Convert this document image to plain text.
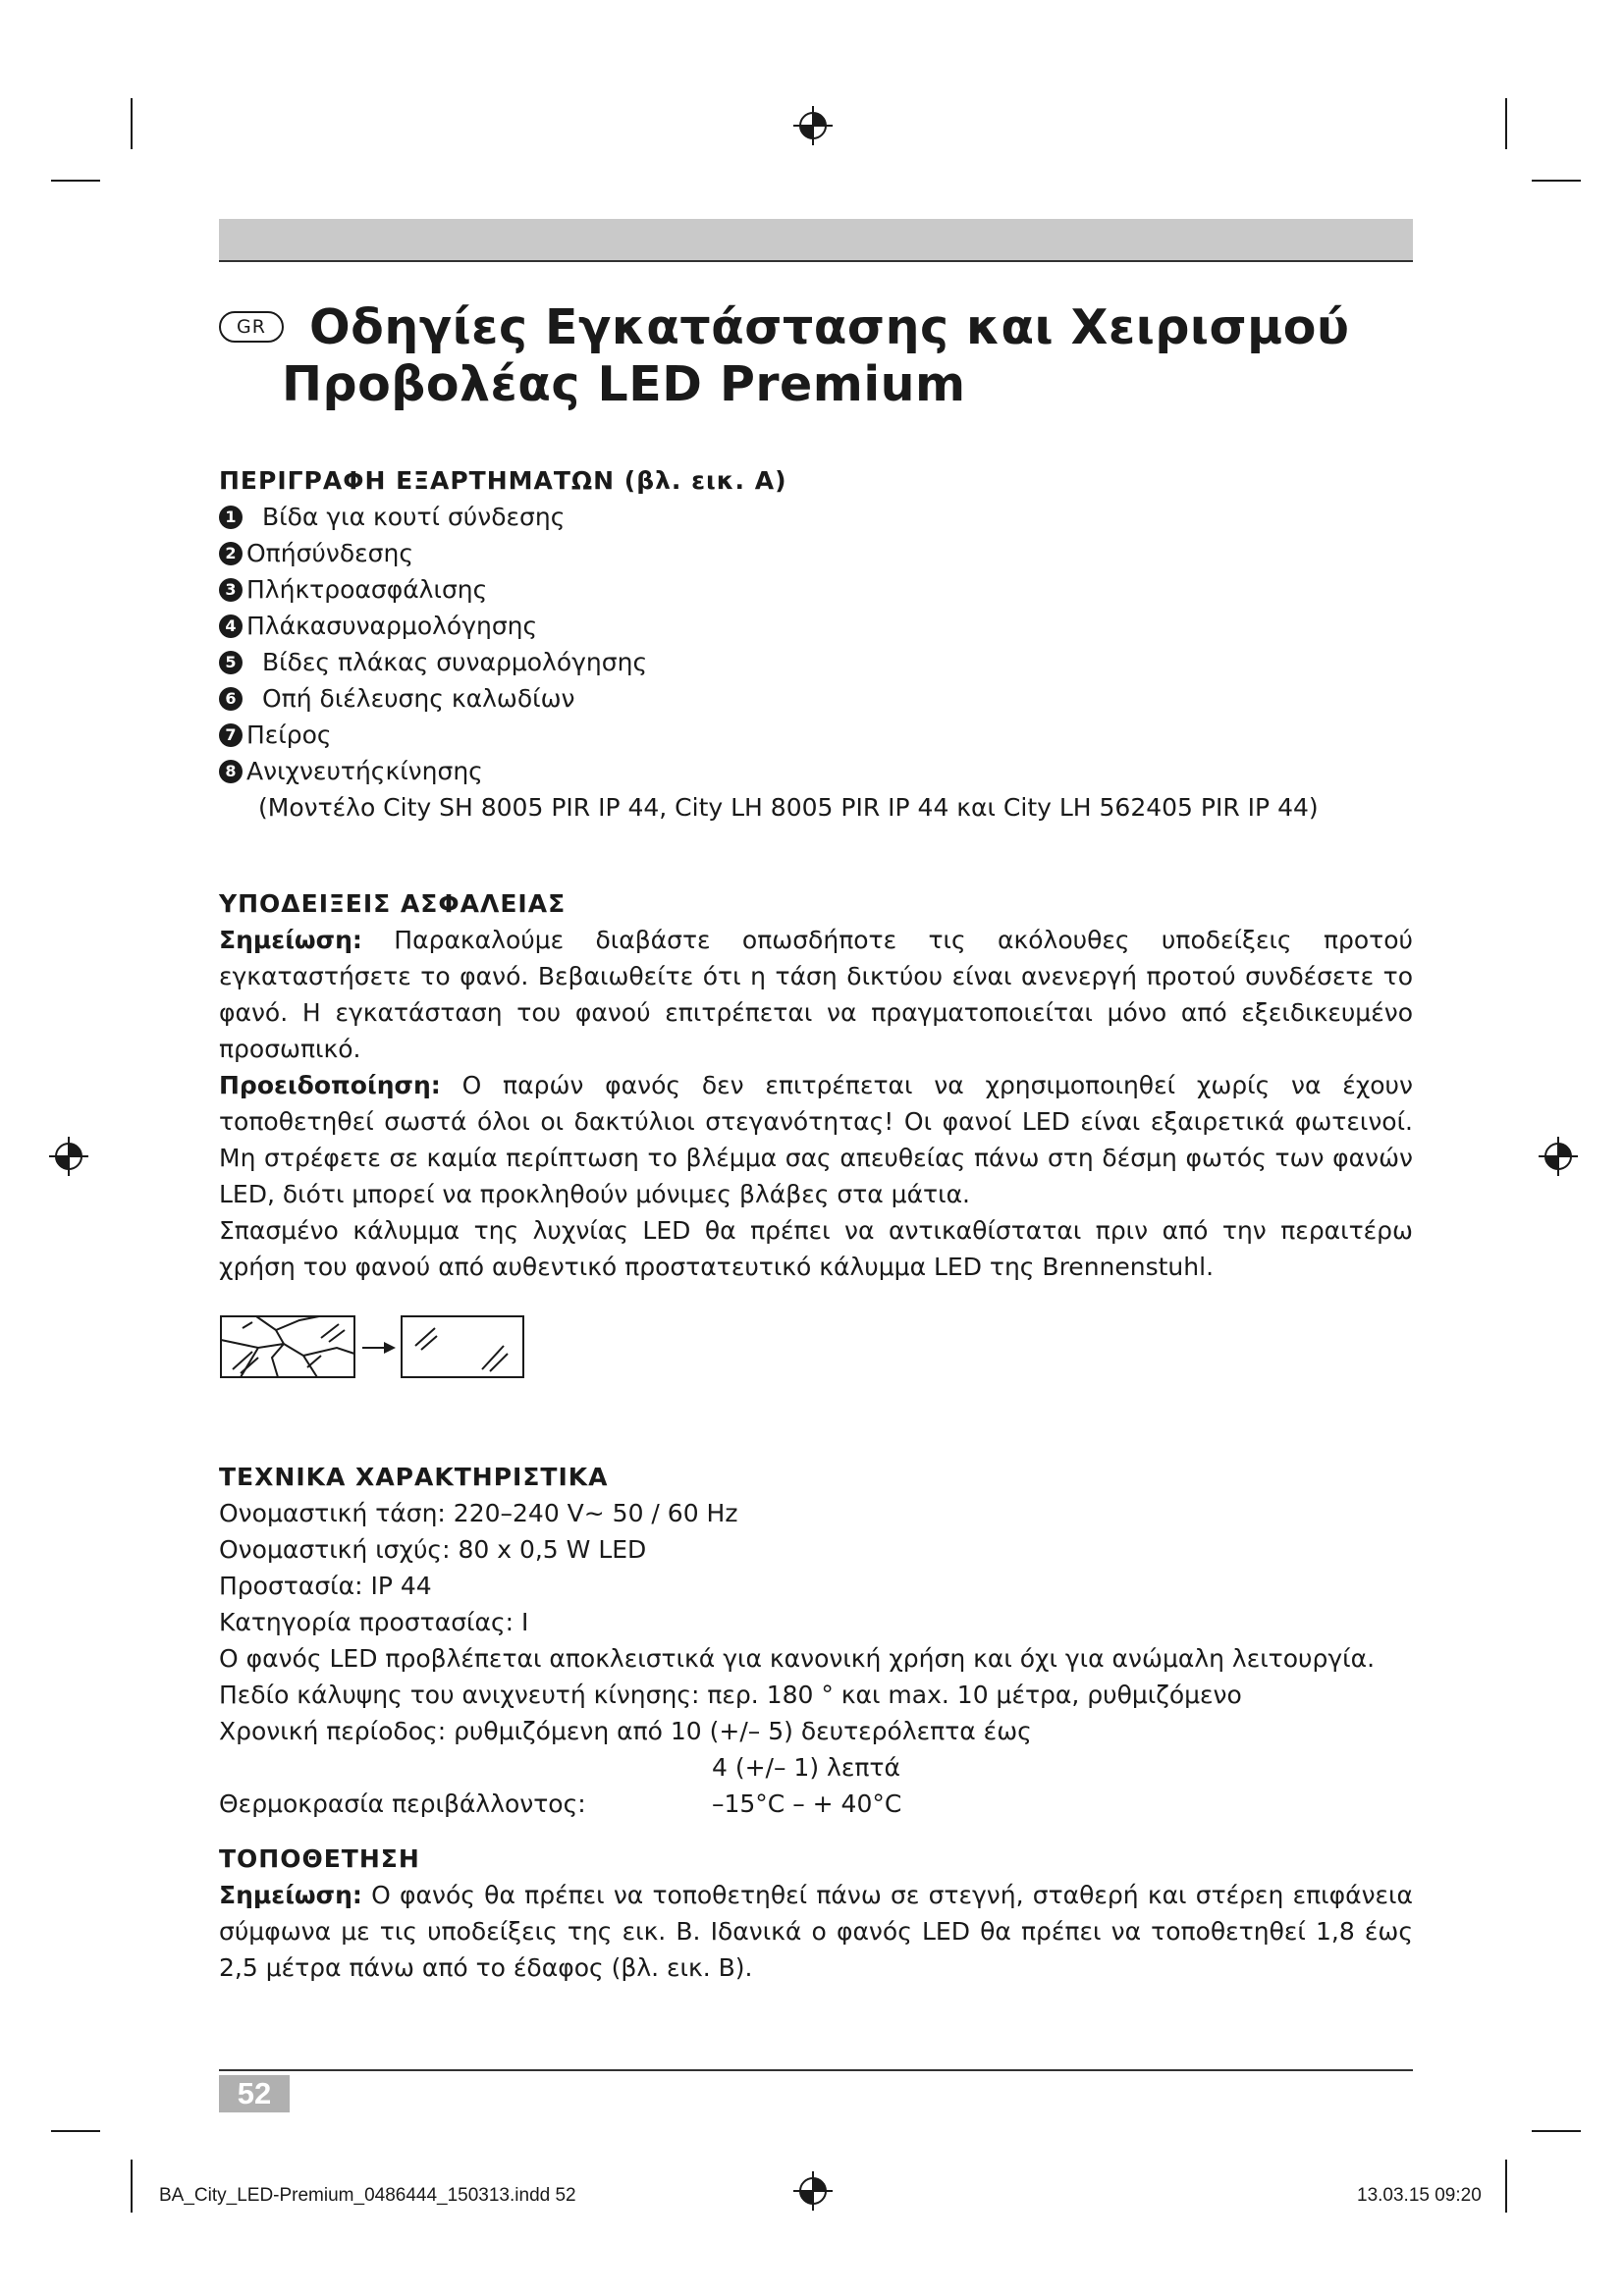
GR Οδηγίες Εγκατάστασης και Χειρισμού
Προβολέας LED Premium
ΠΕΡΙΓΡΑΦΗ ΕΞΑΡΤΗΜΑΤΩΝ (βλ. εικ. Α)
1 Βίδα για κουτί σύνδεσης
2 Οπήσύνδεσης
3 Πλήκτροασφάλισης
4 Πλάκασυναρμολόγησης
5 Βίδες πλάκας συναρμολόγησης
6 Οπή διέλευσης καλωδίων
7 Πείρος
8 Ανιχνευτήςκίνησης
(Μοντέλο City SH 8005 PIR IP 44, City LH 8005 PIR IP 44 και City LH 562405 PIR IP 44)
ΥΠΟΔΕΙΞΕΙΣ ΑΣΦΑΛΕΙΑΣ

Σημείωση: Παρακαλούμε διαβάστε οπωσδήποτε τις ακόλουθες υποδείξεις προτού εγκαταστήσετε το φανό. Βεβαιωθείτε ότι η τάση δικτύου είναι ανενεργή προτού συνδέσετε το φανό. Η εγκατάσταση του φανού επιτρέπεται να πραγματοποιείται μόνο από εξειδικευμένο προσωπικό.

Προειδοποίηση: Ο παρών φανός δεν επιτρέπεται να χρησιμοποιηθεί χωρίς να έχουν τοποθετηθεί σωστά όλοι οι δακτύλιοι στεγανότητας! Οι φανοί LED είναι εξαιρετικά φωτεινοί. Μη στρέφετε σε καμία περίπτωση το βλέμμα σας απευθείας πάνω στη δέσμη φωτός των φανών LED, διότι μπορεί να προκληθούν μόνιμες βλάβες στα μάτια.

Σπασμένο κάλυμμα της λυχνίας LED θα πρέπει να αντικαθίσταται πριν από την περαιτέρω χρήση του φανού από αυθεντικό προστατευτικό κάλυμμα LED της Brennenstuhl.

ΤΕΧΝΙΚΑ ΧΑΡΑΚΤΗΡΙΣΤΙΚΑ
Ονομαστική τάση: 220–240 V~ 50 / 60 Hz
Ονομαστική ισχύς: 80 x 0,5 W LED
Προστασία: IP 44
Κατηγορία προστασίας: I
Ο φανός LED προβλέπεται αποκλειστικά για κανονική χρήση και όχι για ανώμαλη λειτουργία.
Πεδίο κάλυψης του ανιχνευτή κίνησης: περ. 180 ° και max. 10 μέτρα, ρυθμιζόμενο
Χρονική περίοδος: ρυθμιζόμενη από 10 (+/– 5) δευτερόλεπτα έως
4 (+/– 1) λεπτά
Θερμοκρασία περιβάλλοντος:	–15°C – + 40°C
ΤΟΠΟΘΕΤΗΣΗ

Σημείωση: Ο φανός θα πρέπει να τοποθετηθεί πάνω σε στεγνή, σταθερή και στέρεη επιφάνεια σύμφωνα με τις υποδείξεις της εικ. Β. Ιδανικά ο φανός LED θα πρέπει να τοποθετηθεί 1,8 έως 2,5 μέτρα πάνω από το έδαφος (βλ. εικ. Β).

52
BA_City_LED-Premium_0486444_150313.indd 52	13.03.15 09:20
